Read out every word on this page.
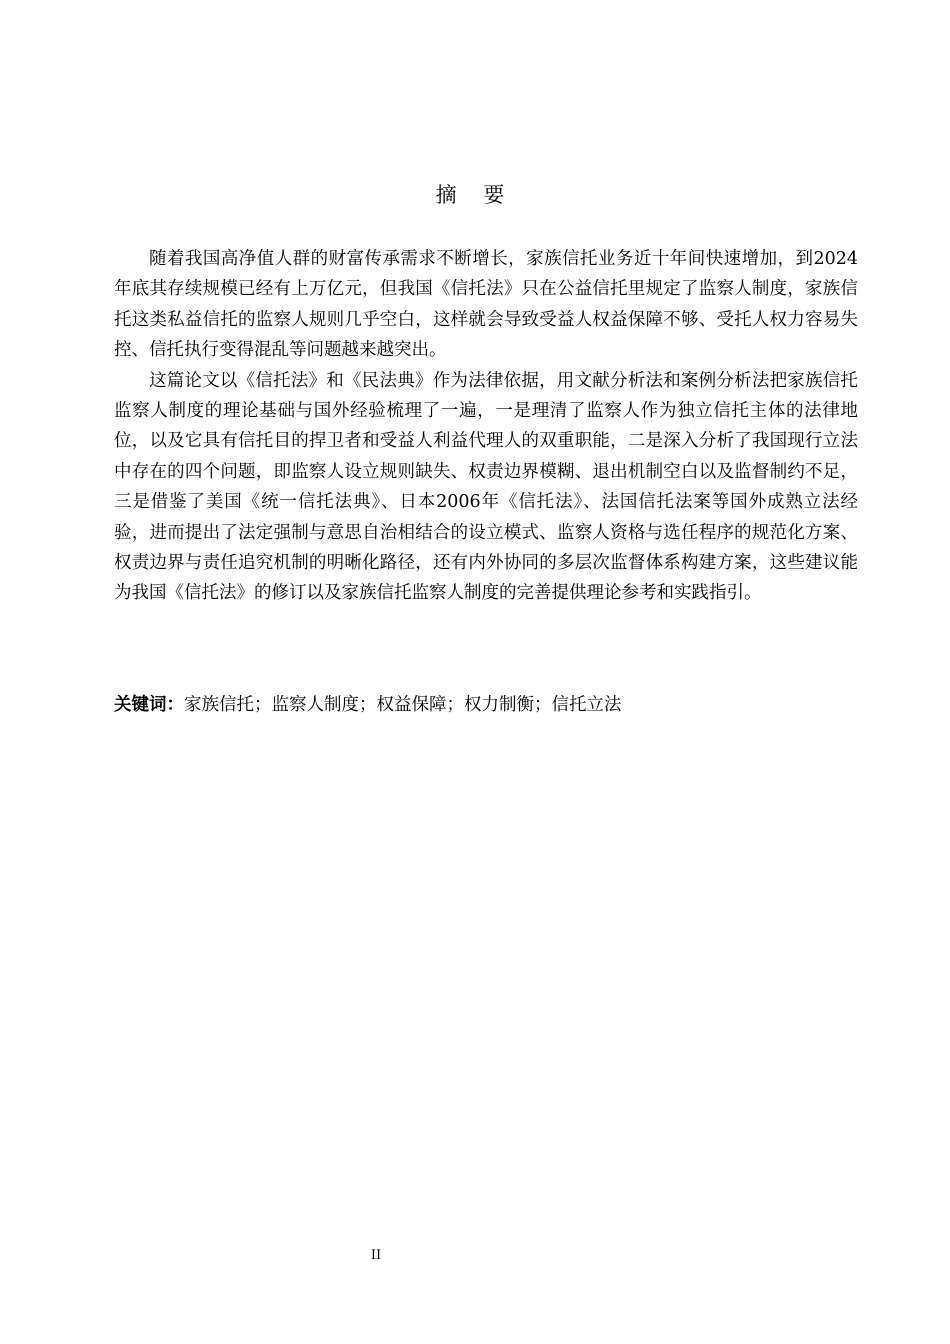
摘 要

随着我国高净值人群的财富传承需求不断增长，家族信托业务近十年间快速增加，到2024年底其存续规模已经有上万亿元，但我国《信托法》只在公益信托里规定了监察人制度，家族信托这类私益信托的监察人规则几乎空白，这样就会导致受益人权益保障不够、受托人权力容易失控、信托执行变得混乱等问题越来越突出。

这篇论文以《信托法》和《民法典》作为法律依据，用文献分析法和案例分析法把家族信托监察人制度的理论基础与国外经验梳理了一遍，一是理清了监察人作为独立信托主体的法律地位，以及它具有信托目的捍卫者和受益人利益代理人的双重职能，二是深入分析了我国现行立法中存在的四个问题，即监察人设立规则缺失、权责边界模糊、退出机制空白以及监督制约不足，三是借鉴了美国《统一信托法典》、日本2006年《信托法》、法国信托法案等国外成熟立法经验，进而提出了法定强制与意思自治相结合的设立模式、监察人资格与选任程序的规范化方案、权责边界与责任追究机制的明晰化路径，还有内外协同的多层次监督体系构建方案，这些建议能为我国《信托法》的修订以及家族信托监察人制度的完善提供理论参考和实践指引。

关键词：家族信托；监察人制度；权益保障；权力制衡；信托立法
II
